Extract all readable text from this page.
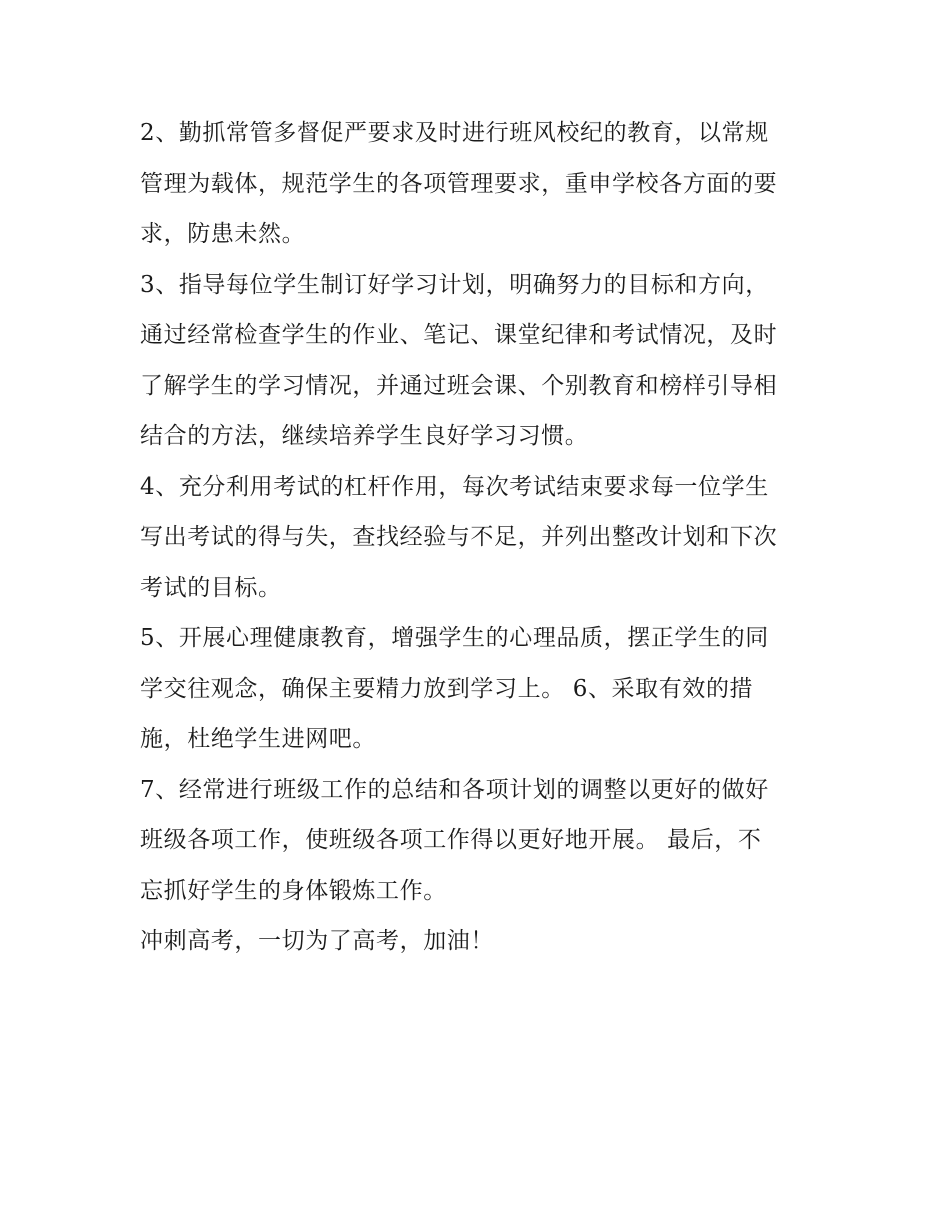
2、勤抓常管多督促严要求及时进行班风校纪的教育，以常规
管理为载体，规范学生的各项管理要求，重申学校各方面的要
求，防患未然。

3、指导每位学生制订好学习计划，明确努力的目标和方向，
通过经常检查学生的作业、笔记、课堂纪律和考试情况，及时
了解学生的学习情况，并通过班会课、个别教育和榜样引导相
结合的方法，继续培养学生良好学习习惯。

4、充分利用考试的杠杆作用，每次考试结束要求每一位学生
写出考试的得与失，查找经验与不足，并列出整改计划和下次
考试的目标。

5、开展心理健康教育，增强学生的心理品质，摆正学生的同
学交往观念，确保主要精力放到学习上。 6、采取有效的措
施，杜绝学生进网吧。

7、经常进行班级工作的总结和各项计划的调整以更好的做好
班级各项工作，使班级各项工作得以更好地开展。 最后，不
忘抓好学生的身体锻炼工作。

冲刺高考，一切为了高考，加油！
